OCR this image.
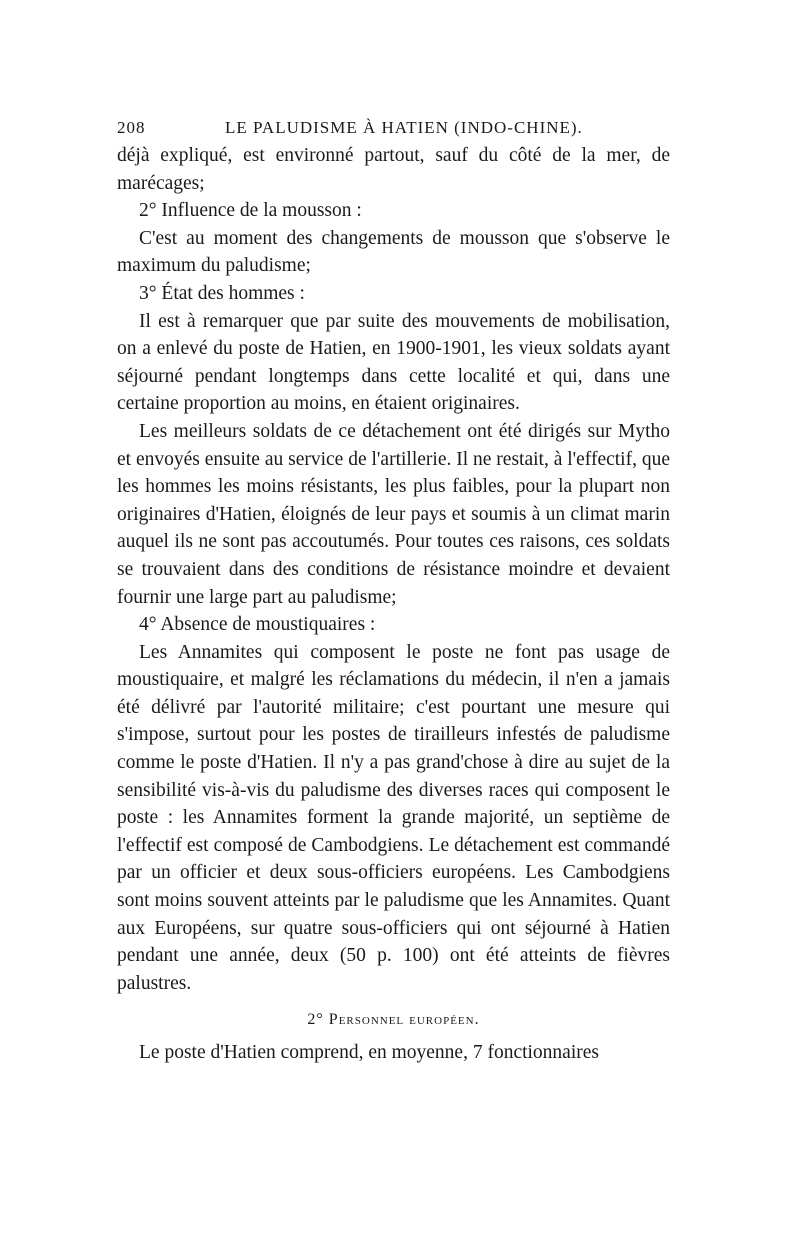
208	LE PALUDISME À HATIEN (INDO-CHINE).

déjà expliqué, est environné partout, sauf du côté de la mer, de marécages;

2° Influence de la mousson :

C'est au moment des changements de mousson que s'observe le maximum du paludisme;

3° État des hommes :

Il est à remarquer que par suite des mouvements de mobilisation, on a enlevé du poste de Hatien, en 1900-1901, les vieux soldats ayant séjourné pendant longtemps dans cette localité et qui, dans une certaine proportion au moins, en étaient originaires.

Les meilleurs soldats de ce détachement ont été dirigés sur Mytho et envoyés ensuite au service de l'artillerie. Il ne restait, à l'effectif, que les hommes les moins résistants, les plus faibles, pour la plupart non originaires d'Hatien, éloignés de leur pays et soumis à un climat marin auquel ils ne sont pas accoutumés. Pour toutes ces raisons, ces soldats se trouvaient dans des conditions de résistance moindre et devaient fournir une large part au paludisme;

4° Absence de moustiquaires :

Les Annamites qui composent le poste ne font pas usage de moustiquaire, et malgré les réclamations du médecin, il n'en a jamais été délivré par l'autorité militaire; c'est pourtant une mesure qui s'impose, surtout pour les postes de tirailleurs infestés de paludisme comme le poste d'Hatien. Il n'y a pas grand'chose à dire au sujet de la sensibilité vis-à-vis du paludisme des diverses races qui composent le poste : les Annamites forment la grande majorité, un septième de l'effectif est composé de Cambodgiens. Le détachement est commandé par un officier et deux sous-officiers européens. Les Cambodgiens sont moins souvent atteints par le paludisme que les Annamites. Quant aux Européens, sur quatre sous-officiers qui ont séjourné à Hatien pendant une année, deux (50 p. 100) ont été atteints de fièvres palustres.

2° Personnel européen.

Le poste d'Hatien comprend, en moyenne, 7 fonctionnaires
